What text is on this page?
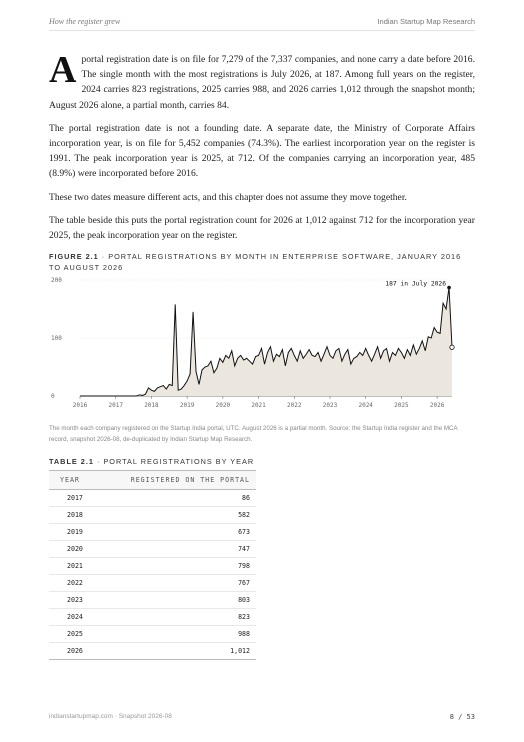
How the register grew	Indian Startup Map Research

Aportal registration date is on file for 7,279 of the 7,337 companies, and none carry a date before 2016. The single month with the most registrations is July 2026, at 187. Among full years on the register, 2024 carries 823 registrations, 2025 carries 988, and 2026 carries 1,012 through the snapshot month; August 2026 alone, a partial month, carries 84.

The portal registration date is not a founding date. A separate date, the Ministry of Corporate Affairs incorporation year, is on file for 5,452 companies (74.3%). The earliest incorporation year on the register is 1991. The peak incorporation year is 2025, at 712. Of the companies carrying an incorporation year, 485 (8.9%) were incorporated before 2016.

These two dates measure different acts, and this chapter does not assume they move together.

The table beside this puts the portal registration count for 2026 at 1,012 against 712 for the incorporation year 2025, the peak incorporation year on the register.

FIGURE 2.1 · PORTAL REGISTRATIONS BY MONTH IN ENTERPRISE SOFTWARE, JANUARY 2016 TO AUGUST 2026
0
100
200
2016	2017	2018	2019	2020	2021	2022	2023	2024	2025	2026
187 in July 2026
The month each company registered on the Startup India portal, UTC. August 2026 is a partial month. Source: the Startup India register and the MCA record, snapshot 2026-08, de-duplicated by Indian Startup Map Research.
TABLE 2.1 · PORTAL REGISTRATIONS BY YEAR
YEAR	REGISTERED ON THE PORTAL
2017	86
2018	582
2019	673
2020	747
2021	798
2022	767
2023	803
2024	823
2025	988
2026	1,012
indianstartupmap.com · Snapshot 2026-08	8 / 53
